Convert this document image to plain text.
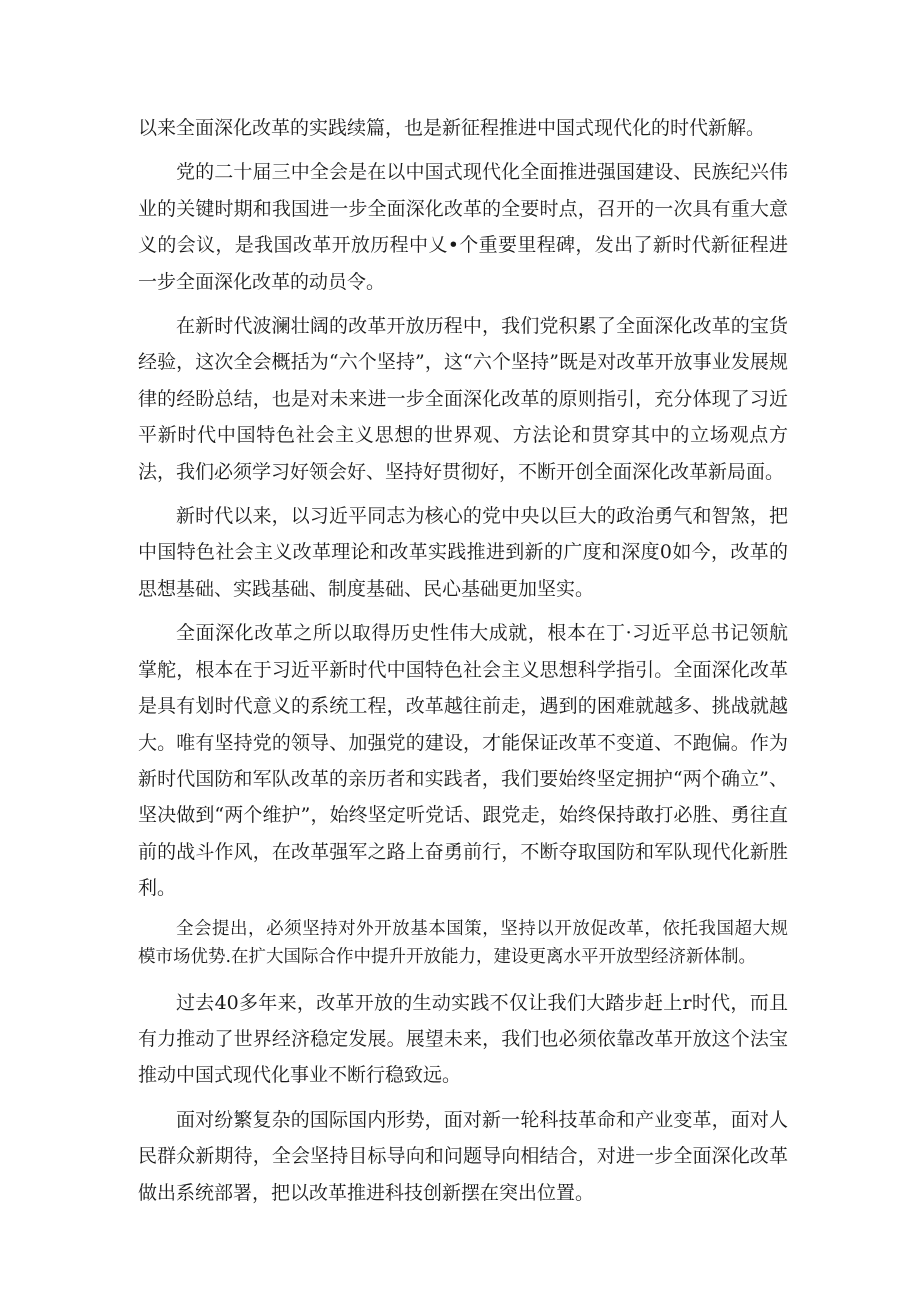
以来全面深化改革的实践续篇，也是新征程推进中国式现代化的时代新解。

党的二十届三中全会是在以中国式现代化全面推进强国建设、民族纪兴伟业的关键时期和我国进一步全面深化改革的全要时点，召开的一次具有重大意义的会议，是我国改革开放历程中乂•个重要里程碑，发出了新时代新征程进一步全面深化改革的动员令。

在新时代波澜壮阔的改革开放历程中，我们党积累了全面深化改革的宝货经验，这次全会概括为“六个坚持”，这“六个坚持”既是对改革开放事业发展规律的经盼总结，也是对未来进一步全面深化改革的原则指引，充分体现了习近平新时代中国特色社会主义思想的世界观、方法论和贯穿其中的立场观点方法，我们必须学习好领会好、坚持好贯彻好，不断开创全面深化改革新局面。

新时代以来，以习近平同志为核心的党中央以巨大的政治勇气和智煞，把中国特色社会主义改革理论和改革实践推进到新的广度和深度0如今，改革的思想基础、实践基础、制度基础、民心基础更加坚实。

全面深化改革之所以取得历史性伟大成就，根本在丁·习近平总书记领航掌舵，根本在于习近平新时代中国特色社会主义思想科学指引。全面深化改革是具有划时代意义的系统工程，改革越往前走，遇到的困难就越多、挑战就越大。唯有坚持党的领导、加强党的建设，才能保证改革不变道、不跑偏。作为新时代国防和军队改革的亲历者和实践者，我们要始终坚定拥护“两个确立”、坚决做到“两个维护”，始终坚定听党话、跟党走，始终保持敢打必胜、勇往直前的战斗作风，在改革强军之路上奋勇前行，不断夺取国防和军队现代化新胜利。

全会提出，必须坚持对外开放基本国策，坚持以开放促改革，依托我国超大规模市场优势.在扩大国际合作中提升开放能力，建设更离水平开放型经济新体制。

过去40多年来，改革开放的生动实践不仅让我们大踏步赶上r时代，而且有力推动了世界经济稳定发展。展望未来，我们也必须依靠改革开放这个法宝推动中国式现代化事业不断行稳致远。

面对纷繁复杂的国际国内形势，面对新一轮科技革命和产业变革，面对人民群众新期待，全会坚持目标导向和问题导向相结合，对进一步全面深化改革做出系统部署，把以改革推进科技创新摆在突出位置。
